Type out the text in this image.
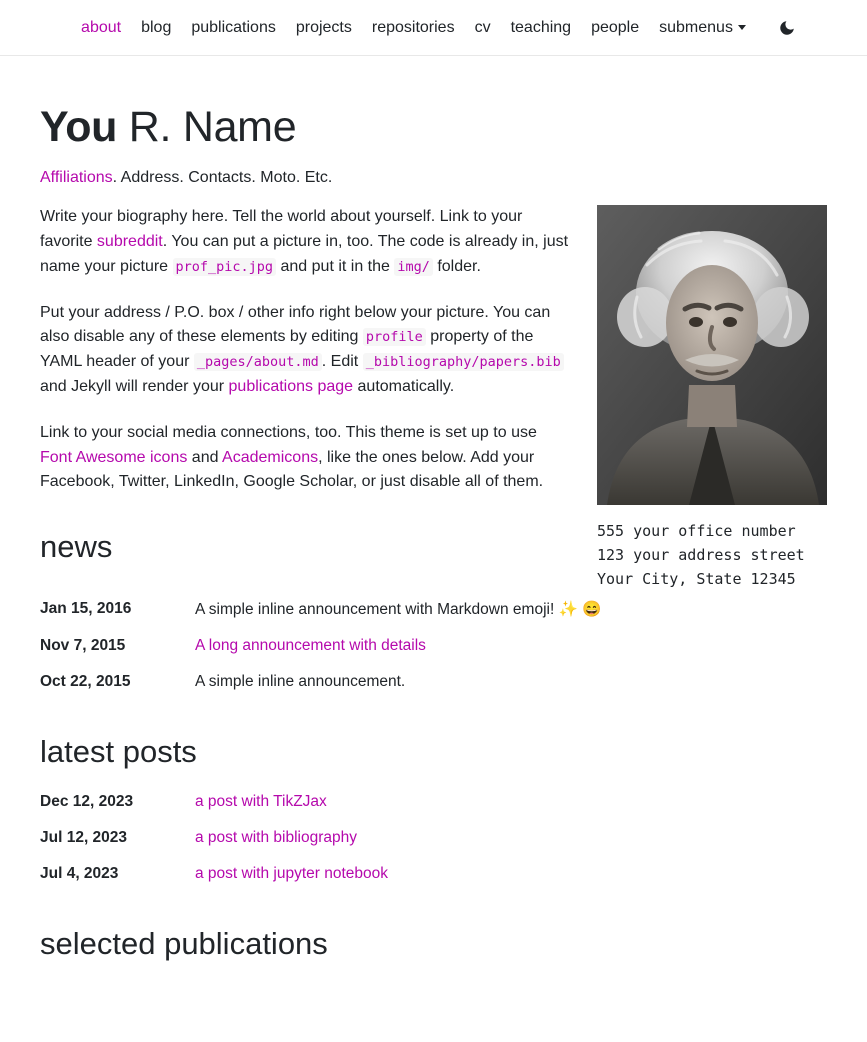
about	blog	publications	projects	repositories	cv	teaching	people	submenus
You R. Name

Affiliations. Address. Contacts. Moto. Etc.

555 your office number
123 your address street
Your City, State 12345

Write your biography here. Tell the world about yourself. Link to your favorite subreddit. You can put a picture in, too. The code is already in, just name your picture prof_pic.jpg and put it in the img/ folder.

Put your address / P.O. box / other info right below your picture. You can also disable any of these elements by editing profile property of the YAML header of your _pages/about.md . Edit _bibliography/papers.bib and Jekyll will render your publications page automatically.

Link to your social media connections, too. This theme is set up to use Font Awesome icons and Academicons, like the ones below. Add your Facebook, Twitter, LinkedIn, Google Scholar, or just disable all of them.

news
Jan 15, 2016	A simple inline announcement with Markdown emoji! ✨ 😄
Nov 7, 2015	A long announcement with details
Oct 22, 2015	A simple inline announcement.
latest posts
Dec 12, 2023	a post with TikZJax
Jul 12, 2023	a post with bibliography
Jul 4, 2023	a post with jupyter notebook
selected publications
